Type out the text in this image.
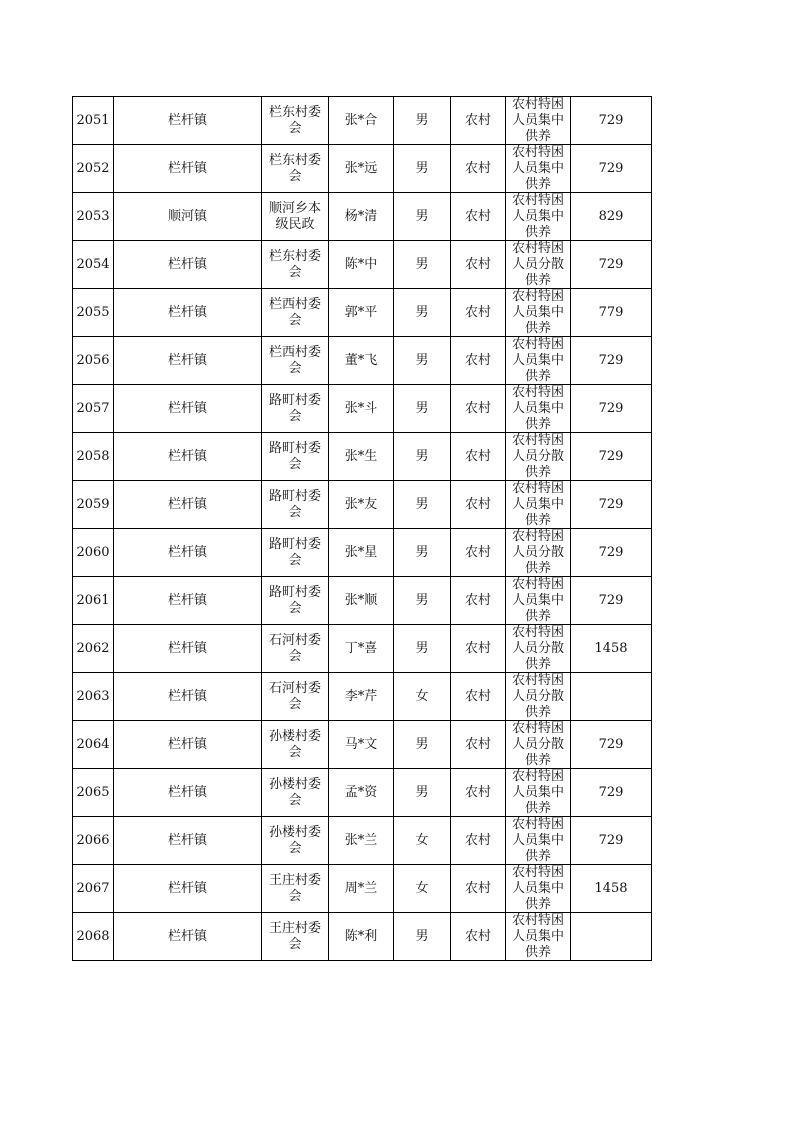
2051	栏杆镇	栏东村委会	张*合	男	农村	农村特困人员集中供养	729
2052	栏杆镇	栏东村委会	张*远	男	农村	农村特困人员集中供养	729
2053	顺河镇	顺河乡本级民政	杨*清	男	农村	农村特困人员集中供养	829
2054	栏杆镇	栏东村委会	陈*中	男	农村	农村特困人员分散供养	729
2055	栏杆镇	栏西村委会	郭*平	男	农村	农村特困人员集中供养	779
2056	栏杆镇	栏西村委会	董*飞	男	农村	农村特困人员集中供养	729
2057	栏杆镇	路町村委会	张*斗	男	农村	农村特困人员集中供养	729
2058	栏杆镇	路町村委会	张*生	男	农村	农村特困人员分散供养	729
2059	栏杆镇	路町村委会	张*友	男	农村	农村特困人员集中供养	729
2060	栏杆镇	路町村委会	张*星	男	农村	农村特困人员分散供养	729
2061	栏杆镇	路町村委会	张*顺	男	农村	农村特困人员集中供养	729
2062	栏杆镇	石河村委会	丁*喜	男	农村	农村特困人员分散供养	1458
2063	栏杆镇	石河村委会	李*芹	女	农村	农村特困人员分散供养	

2064	栏杆镇	孙楼村委会	马*文	男	农村	农村特困人员分散供养	729
2065	栏杆镇	孙楼村委会	孟*资	男	农村	农村特困人员集中供养	729
2066	栏杆镇	孙楼村委会	张*兰	女	农村	农村特困人员集中供养	729
2067	栏杆镇	王庄村委会	周*兰	女	农村	农村特困人员集中供养	1458
2068	栏杆镇	王庄村委会	陈*利	男	农村	农村特困人员集中供养	
